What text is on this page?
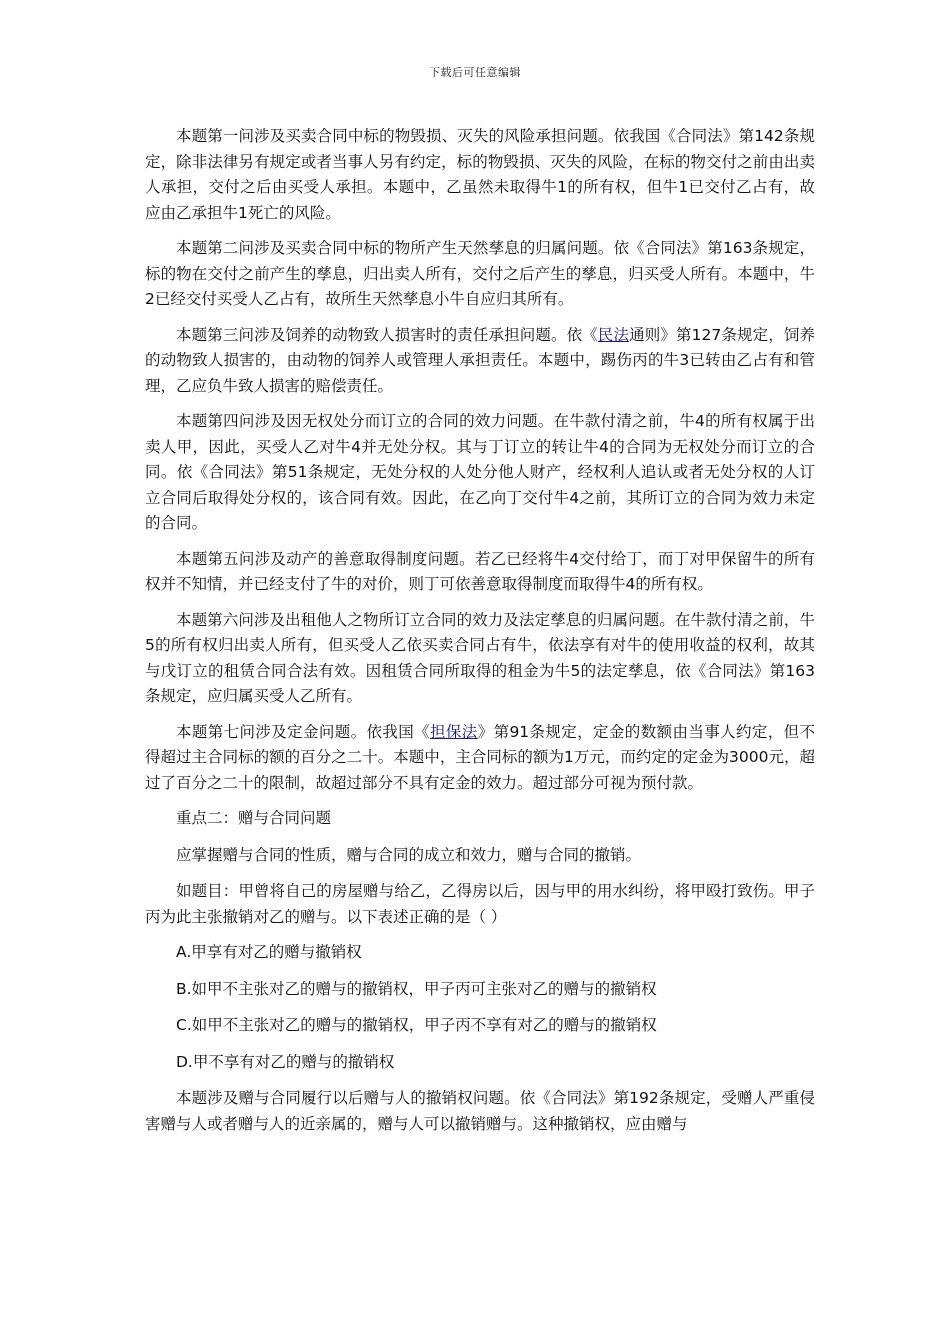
下载后可任意编辑

本题第一问涉及买卖合同中标的物毁损、灭失的风险承担问题。依我国《合同法》第142条规定，除非法律另有规定或者当事人另有约定，标的物毁损、灭失的风险，在标的物交付之前由出卖人承担，交付之后由买受人承担。本题中，乙虽然未取得牛1的所有权，但牛1已交付乙占有，故应由乙承担牛1死亡的风险。

本题第二问涉及买卖合同中标的物所产生天然孳息的归属问题。依《合同法》第163条规定，标的物在交付之前产生的孳息，归出卖人所有，交付之后产生的孳息，归买受人所有。本题中，牛2已经交付买受人乙占有，故所生天然孳息小牛自应归其所有。

本题第三问涉及饲养的动物致人损害时的责任承担问题。依《民法通则》第127条规定，饲养的动物致人损害的，由动物的饲养人或管理人承担责任。本题中，踢伤丙的牛3已转由乙占有和管理，乙应负牛致人损害的赔偿责任。

本题第四问涉及因无权处分而订立的合同的效力问题。在牛款付清之前，牛4的所有权属于出卖人甲，因此，买受人乙对牛4并无处分权。其与丁订立的转让牛4的合同为无权处分而订立的合同。依《合同法》第51条规定，无处分权的人处分他人财产，经权利人追认或者无处分权的人订立合同后取得处分权的，该合同有效。因此，在乙向丁交付牛4之前，其所订立的合同为效力未定的合同。

本题第五问涉及动产的善意取得制度问题。若乙已经将牛4交付给丁，而丁对甲保留牛的所有权并不知情，并已经支付了牛的对价，则丁可依善意取得制度而取得牛4的所有权。

本题第六问涉及出租他人之物所订立合同的效力及法定孳息的归属问题。在牛款付清之前，牛5的所有权归出卖人所有，但买受人乙依买卖合同占有牛，依法享有对牛的使用收益的权利，故其与戊订立的租赁合同合法有效。因租赁合同所取得的租金为牛5的法定孳息，依《合同法》第163条规定，应归属买受人乙所有。

本题第七问涉及定金问题。依我国《担保法》第91条规定，定金的数额由当事人约定，但不得超过主合同标的额的百分之二十。本题中，主合同标的额为1万元，而约定的定金为3000元，超过了百分之二十的限制，故超过部分不具有定金的效力。超过部分可视为预付款。

重点二：赠与合同问题

应掌握赠与合同的性质，赠与合同的成立和效力，赠与合同的撤销。

如题目：甲曾将自己的房屋赠与给乙，乙得房以后，因与甲的用水纠纷，将甲殴打致伤。甲子丙为此主张撤销对乙的赠与。以下表述正确的是（ ）

A.甲享有对乙的赠与撤销权

B.如甲不主张对乙的赠与的撤销权，甲子丙可主张对乙的赠与的撤销权

C.如甲不主张对乙的赠与的撤销权，甲子丙不享有对乙的赠与的撤销权

D.甲不享有对乙的赠与的撤销权

本题涉及赠与合同履行以后赠与人的撤销权问题。依《合同法》第192条规定，受赠人严重侵害赠与人或者赠与人的近亲属的，赠与人可以撤销赠与。这种撤销权，应由赠与
